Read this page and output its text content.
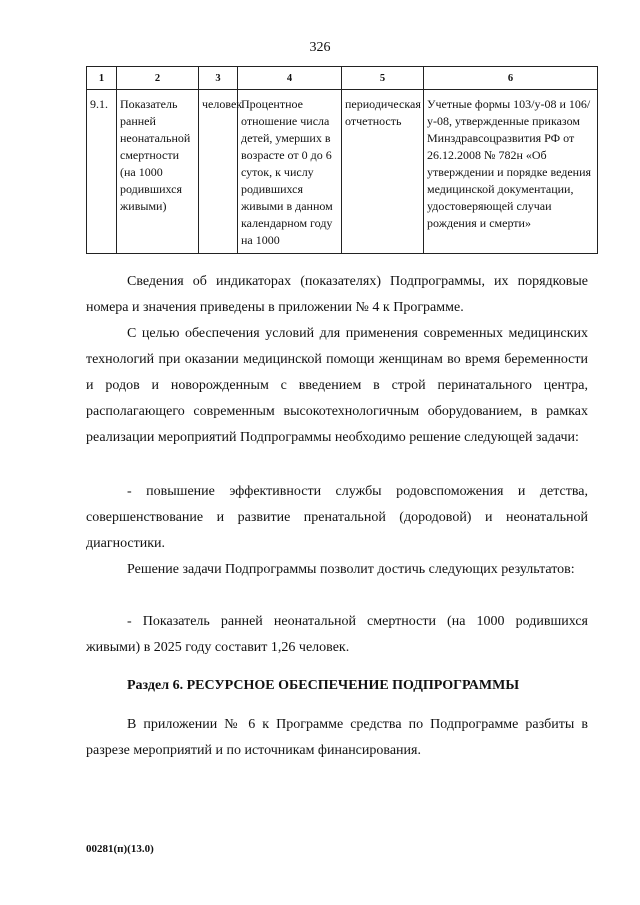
326
1	2	3	4	5	6
9.1.	Показатель ранней неонатальной смертности (на 1000 родившихся живыми)	человек	Процентное отношение числа детей, умерших в возрасте от 0 до 6 суток, к числу родившихся живыми в данном календарном году на 1000	периодическая отчетность	Учетные формы 103/у-08 и 106/у-08, утвержденные приказом Минздравсоцразвития РФ от 26.12.2008 № 782н «Об утверждении и порядке ведения медицинской документации, удостоверяющей случаи рождения и смерти»

Сведения об индикаторах (показателях) Подпрограммы, их порядковые номера и значения приведены в приложении № 4 к Программе.

С целью обеспечения условий для применения современных медицинских технологий при оказании медицинской помощи женщинам во время беременности и родов и новорожденным с введением в строй перинатального центра, располагающего современным высокотехнологичным оборудованием, в рамках реализации мероприятий Подпрограммы необходимо решение следующей задачи:

- повышение эффективности службы родовспоможения и детства, совершенствование и развитие пренатальной (дородовой) и неонатальной диагностики.

Решение задачи Подпрограммы позволит достичь следующих результатов:

- Показатель ранней неонатальной смертности (на 1000 родившихся живыми) в 2025 году составит 1,26 человек.

Раздел 6. РЕСУРСНОЕ ОБЕСПЕЧЕНИЕ ПОДПРОГРАММЫ

В приложении № 6 к Программе средства по Подпрограмме разбиты в разрезе мероприятий и по источникам финансирования.

00281(п)(13.0)
